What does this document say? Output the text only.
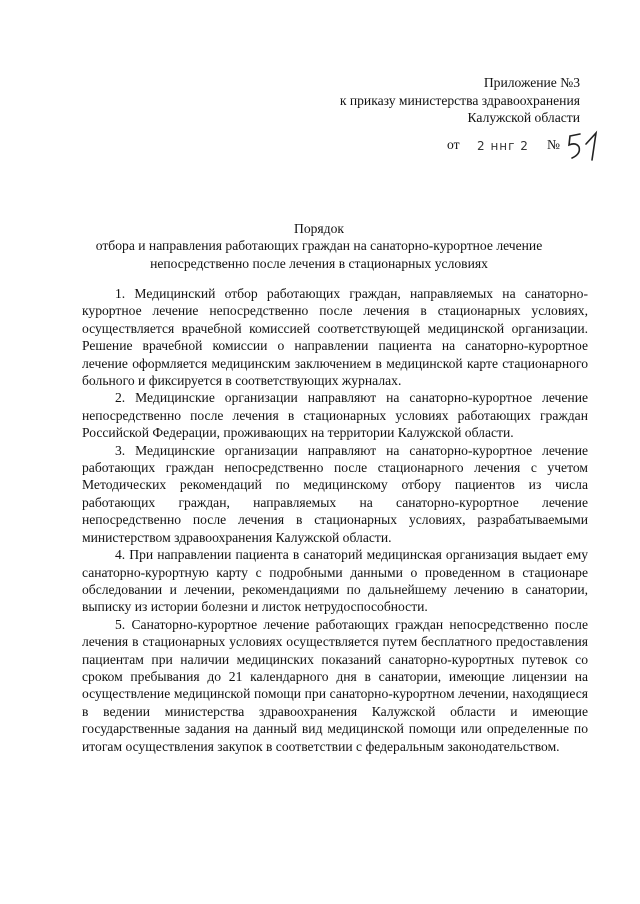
Приложение №3
к приказу министерства здравоохранения
Калужской области
от 2 ннг 2 №
Порядок
отбора и направления работающих граждан на санаторно-курортное лечение
непосредственно после лечения в стационарных условиях

1. Медицинский отбор работающих граждан, направляемых на санаторно-курортное лечение непосредственно после лечения в стационарных условиях, осуществляется врачебной комиссией соответствующей медицинской организации. Решение врачебной комиссии о направлении пациента на санаторно-курортное лечение оформляется медицинским заключением в медицинской карте стационарного больного и фиксируется в соответствующих журналах.

2. Медицинские организации направляют на санаторно-курортное лечение непосредственно после лечения в стационарных условиях работающих граждан Российской Федерации, проживающих на территории Калужской области.

3. Медицинские организации направляют на санаторно-курортное лечение работающих граждан непосредственно после стационарного лечения с учетом Методических рекомендаций по медицинскому отбору пациентов из числа работающих граждан, направляемых на санаторно-курортное лечение непосредственно после лечения в стационарных условиях, разрабатываемыми министерством здравоохранения Калужской области.

4. При направлении пациента в санаторий медицинская организация выдает ему санаторно-курортную карту с подробными данными о проведенном в стационаре обследовании и лечении, рекомендациями по дальнейшему лечению в санатории, выписку из истории болезни и листок нетрудоспособности.

5. Санаторно-курортное лечение работающих граждан непосредственно после лечения в стационарных условиях осуществляется путем бесплатного предоставления пациентам при наличии медицинских показаний санаторно-курортных путевок со сроком пребывания до 21 календарного дня в санатории, имеющие лицензии на осуществление медицинской помощи при санаторно-курортном лечении, находящиеся в ведении министерства здравоохранения Калужской области и имеющие государственные задания на данный вид медицинской помощи или определенные по итогам осуществления закупок в соответствии с федеральным законодательством.
